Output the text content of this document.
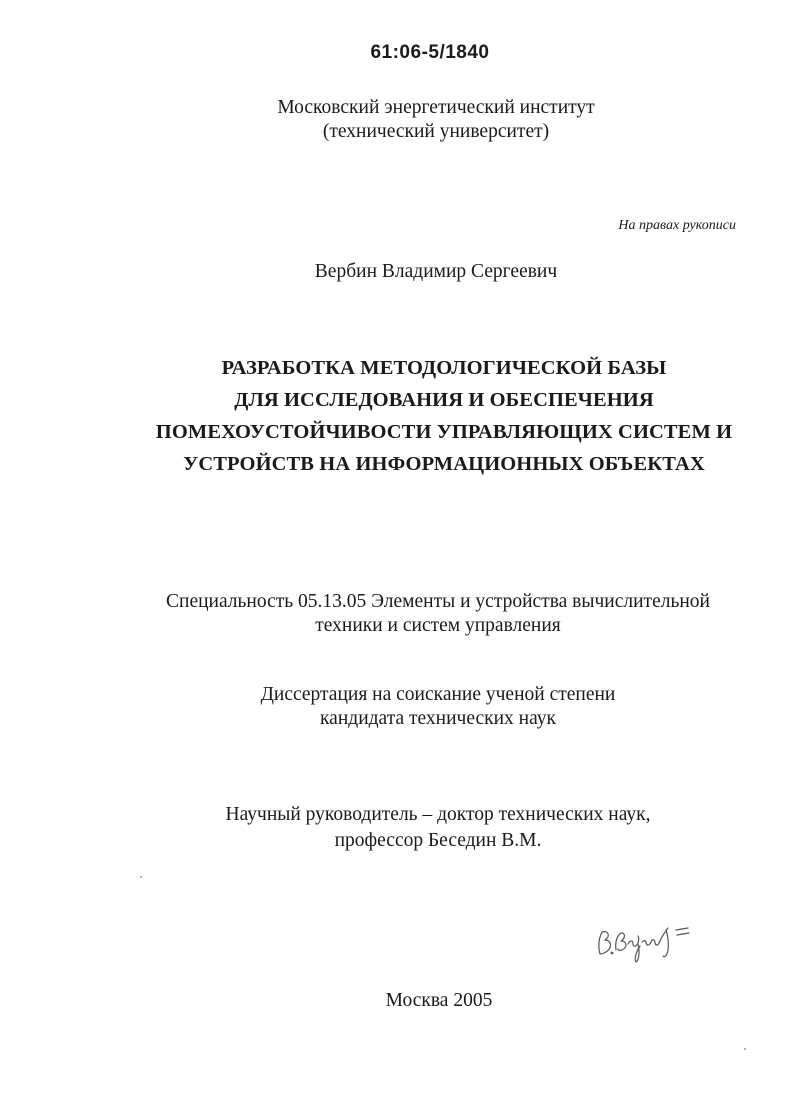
61:06-5/1840
Московский энергетический институт
(технический университет)
На правах рукописи
Вербин Владимир Сергеевич
РАЗРАБОТКА МЕТОДОЛОГИЧЕСКОЙ БАЗЫ
ДЛЯ ИССЛЕДОВАНИЯ И ОБЕСПЕЧЕНИЯ
ПОМЕХОУСТОЙЧИВОСТИ УПРАВЛЯЮЩИХ СИСТЕМ И
УСТРОЙСТВ НА ИНФОРМАЦИОННЫХ ОБЪЕКТАХ
Специальность 05.13.05 Элементы и устройства вычислительной
техники и систем управления
Диссертация на соискание ученой степени
кандидата технических наук
Научный руководитель – доктор технических наук,
профессор Беседин В.М.
Москва 2005
